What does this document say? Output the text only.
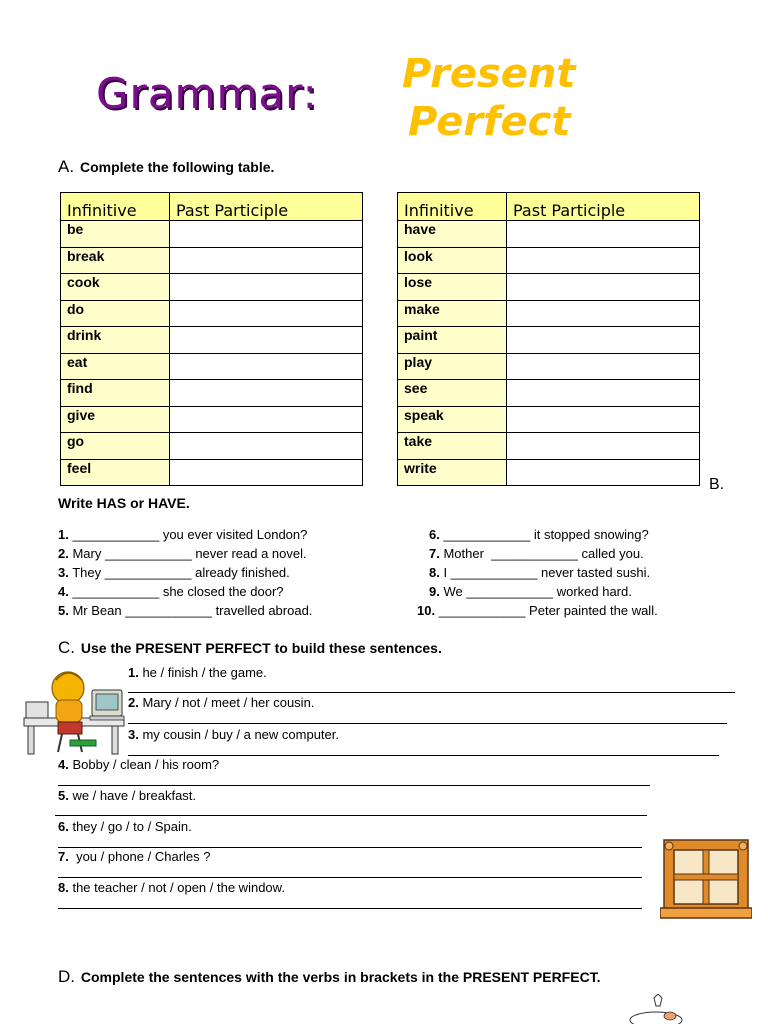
Grammar: Present
Perfect
A. Complete the following table.
Infinitive	Past Participle
be	
break	
cook	
do	
drink	
eat	
find	
give	
go	
feel	
Infinitive	Past Participle
have	
look	
lose	
make	
paint	
play	
see	
speak	
take	
write	
B.
Write HAS or HAVE.
1. ____________ you ever visited London?
2. Mary ____________ never read a novel.
3. They ____________ already finished.
4. ____________ she closed the door?
5. Mr Bean ____________ travelled abroad.
6. ____________ it stopped snowing?
7. Mother  ____________ called you.
8. I ____________ never tasted sushi.
9. We ____________ worked hard.
10. ____________ Peter painted the wall.
C. Use the PRESENT PERFECT to build these sentences.
1. he / finish / the game.
2. Mary / not / meet / her cousin.
3. my cousin / buy / a new computer.
4. Bobby / clean / his room?
5. we / have / breakfast.
6. they / go / to / Spain.
7.  you / phone / Charles ?
8. the teacher / not / open / the window.
D. Complete the sentences with the verbs in brackets in the PRESENT PERFECT.
